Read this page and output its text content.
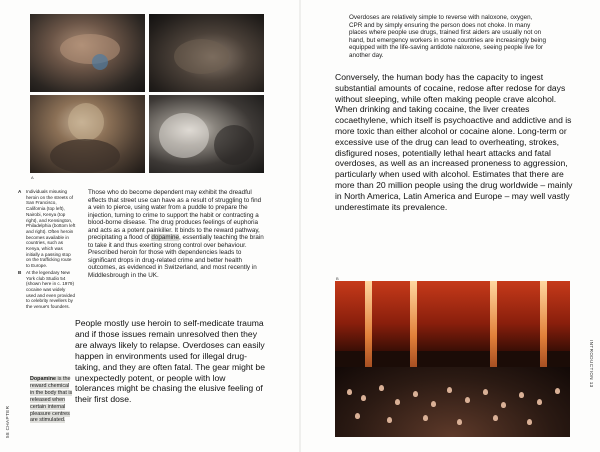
A
A Individuals misusing heroin on the streets of San Francisco, California (top left), Nairobi, Kenya (top right), and Kensington, Philadelphia (bottom left and right). Often heroin becomes available in countries, such as Kenya, which was initially a passing stop on the trafficking route to Europe.
B At the legendary New York club Studio 54 (shown here in c. 1979) cocaine was widely used and even provided to celebrity revellers by the venue's founders.

Those who do become dependent may exhibit the dreadful effects that street use can have as a result of struggling to find a vein to pierce, using water from a puddle to prepare the injection, turning to crime to support the habit or contracting a blood-borne disease. The drug produces feelings of euphoria and acts as a potent painkiller. It binds to the reward pathway, precipitating a flood of dopamine, essentially teaching the brain to take it and thus exerting strong control over behaviour. Prescribed heroin for those with dependencies leads to significant drops in drug-related crime and better health outcomes, as evidenced in Switzerland, and most recently in Middlesbrough in the UK.

People mostly use heroin to self-medicate trauma and if those issues remain unresolved then they are always likely to relapse. Overdoses can easily happen in environments used for illegal drug-taking, and they are often fatal. The gear might be unexpectedly potent, or people with low tolerances might be chasing the elusive feeling of their first dose.

Dopamine is the reward chemical in the body that is released when certain internal pleasure centres are stimulated.
58 CHAPTER

Overdoses are relatively simple to reverse with naloxone, oxygen, CPR and by simply ensuring the person does not choke. In many places where people use drugs, trained first aiders are usually not on hand, but emergency workers in some countries are increasingly being equipped with the life-saving antidote naloxone, seeing people live for another day.

Conversely, the human body has the capacity to ingest substantial amounts of cocaine, redose after redose for days without sleeping, while often making people crave alcohol. When drinking and taking cocaine, the liver creates cocaethylene, which itself is psychoactive and addictive and is more toxic than either alcohol or cocaine alone. Long-term or excessive use of the drug can lead to overheating, strokes, disfigured noses, potentially lethal heart attacks and fatal overdoses, as well as an increased proneness to aggression, particularly when used with alcohol. Estimates that there are more than 20 million people using the drug worldwide – mainly in North America, Latin America and Europe – may well vastly underestimate its prevalence.

B
INTRODUCTION 13
